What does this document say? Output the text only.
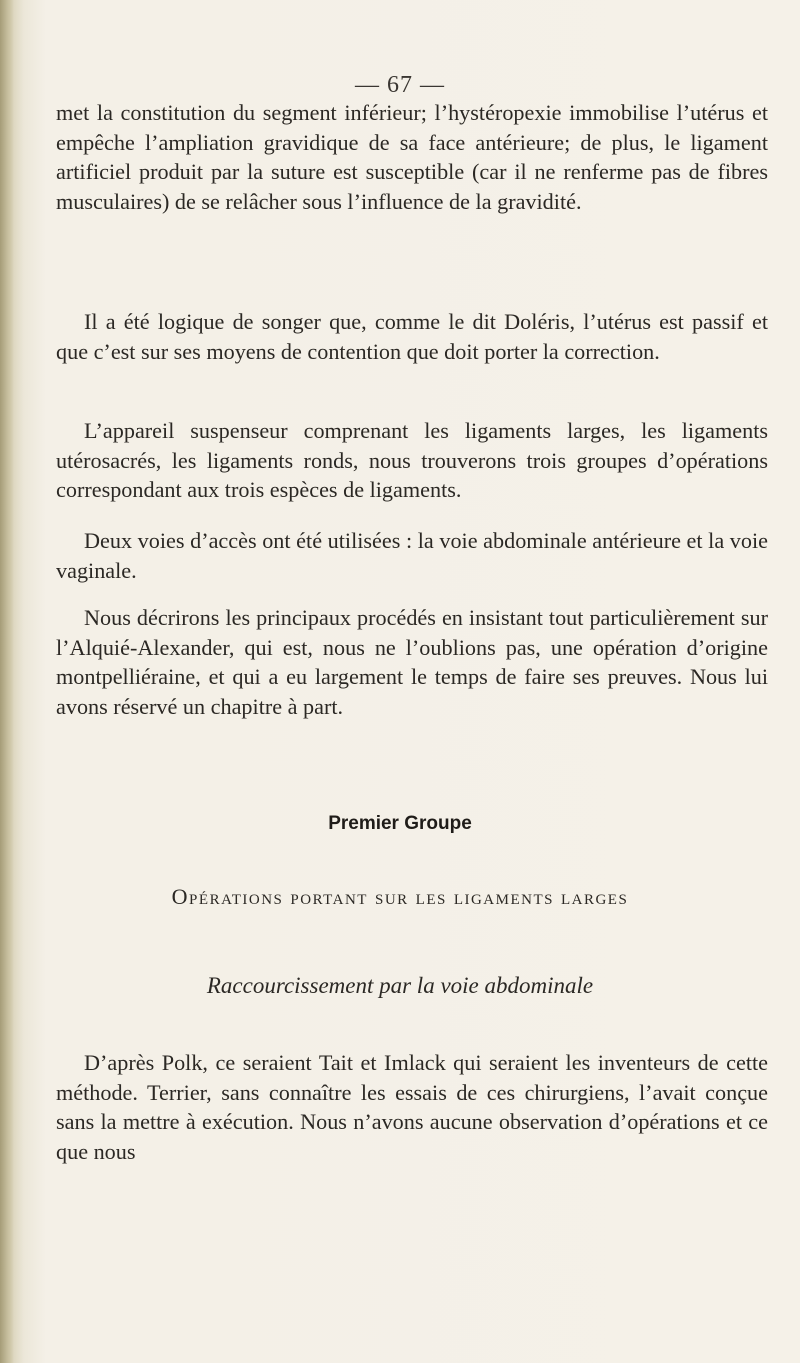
— 67 —

met la constitution du segment inférieur; l’hystéropexie immobilise l’utérus et empêche l’ampliation gravidique de sa face antérieure; de plus, le ligament artificiel produit par la suture est susceptible (car il ne renferme pas de fibres musculaires) de se relâcher sous l’influence de la gravidité.

Il a été logique de songer que, comme le dit Doléris, l’utérus est passif et que c’est sur ses moyens de contention que doit porter la correction.

L’appareil suspenseur comprenant les ligaments larges, les ligaments utérosacrés, les ligaments ronds, nous trouverons trois groupes d’opérations correspondant aux trois espèces de ligaments.

Deux voies d’accès ont été utilisées : la voie abdominale antérieure et la voie vaginale.

Nous décrirons les principaux procédés en insistant tout particulièrement sur l’Alquié-Alexander, qui est, nous ne l’oublions pas, une opération d’origine montpelliéraine, et qui a eu largement le temps de faire ses preuves. Nous lui avons réservé un chapitre à part.

Premier Groupe
Opérations portant sur les ligaments larges
Raccourcissement par la voie abdominale

D’après Polk, ce seraient Tait et Imlack qui seraient les inventeurs de cette méthode. Terrier, sans connaître les essais de ces chirurgiens, l’avait conçue sans la mettre à exécution. Nous n’avons aucune observation d’opérations et ce que nous
